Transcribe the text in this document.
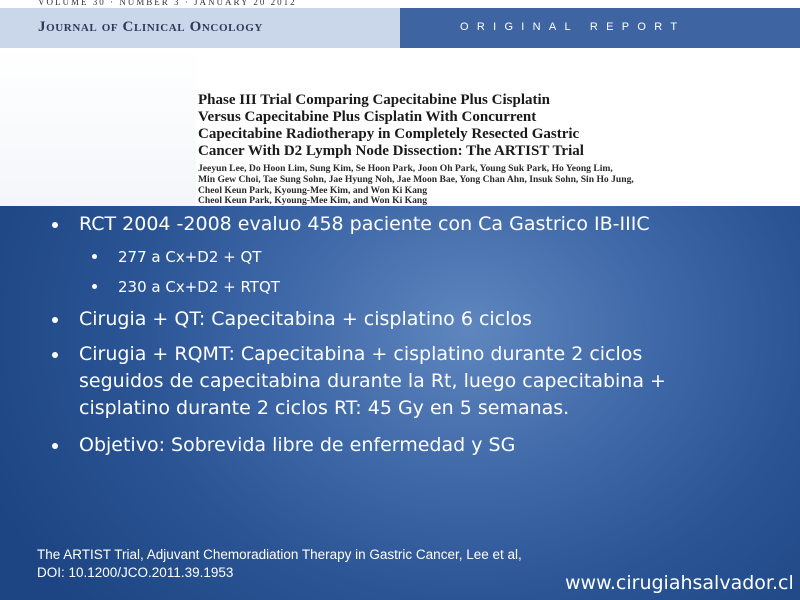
VOLUME 30 · NUMBER 3 · JANUARY 20 2012
Journal of Clinical Oncology	ORIGINAL REPORT
Phase III Trial Comparing Capecitabine Plus Cisplatin
Versus Capecitabine Plus Cisplatin With Concurrent
Capecitabine Radiotherapy in Completely Resected Gastric
Cancer With D2 Lymph Node Dissection: The ARTIST Trial
Jeeyun Lee, Do Hoon Lim, Sung Kim, Se Hoon Park, Joon Oh Park, Young Suk Park, Ho Yeong Lim,
Min Gew Choi, Tae Sung Sohn, Jae Hyung Noh, Jae Moon Bae, Yong Chan Ahn, Insuk Sohn, Sin Ho Jung,
Cheol Keun Park, Kyoung-Mee Kim, and Won Ki Kang
Cheol Keun Park, Kyoung-Mee Kim, and Won Ki Kang
RCT 2004 -2008 evaluo 458 paciente con Ca Gastrico IB-IIIC
277 a Cx+D2 + QT
230 a Cx+D2 + RTQT
Cirugia + QT: Capecitabina + cisplatino 6 ciclos
Cirugia + RQMT: Capecitabina + cisplatino durante 2 ciclos
seguidos de capecitabina durante la Rt, luego capecitabina +
cisplatino durante 2 ciclos RT: 45 Gy en 5 semanas.
Objetivo: Sobrevida libre de enfermedad y SG
The ARTIST Trial, Adjuvant Chemoradiation Therapy in Gastric Cancer, Lee et al,
DOI: 10.1200/JCO.2011.39.1953	www.cirugiahsalvador.cl
